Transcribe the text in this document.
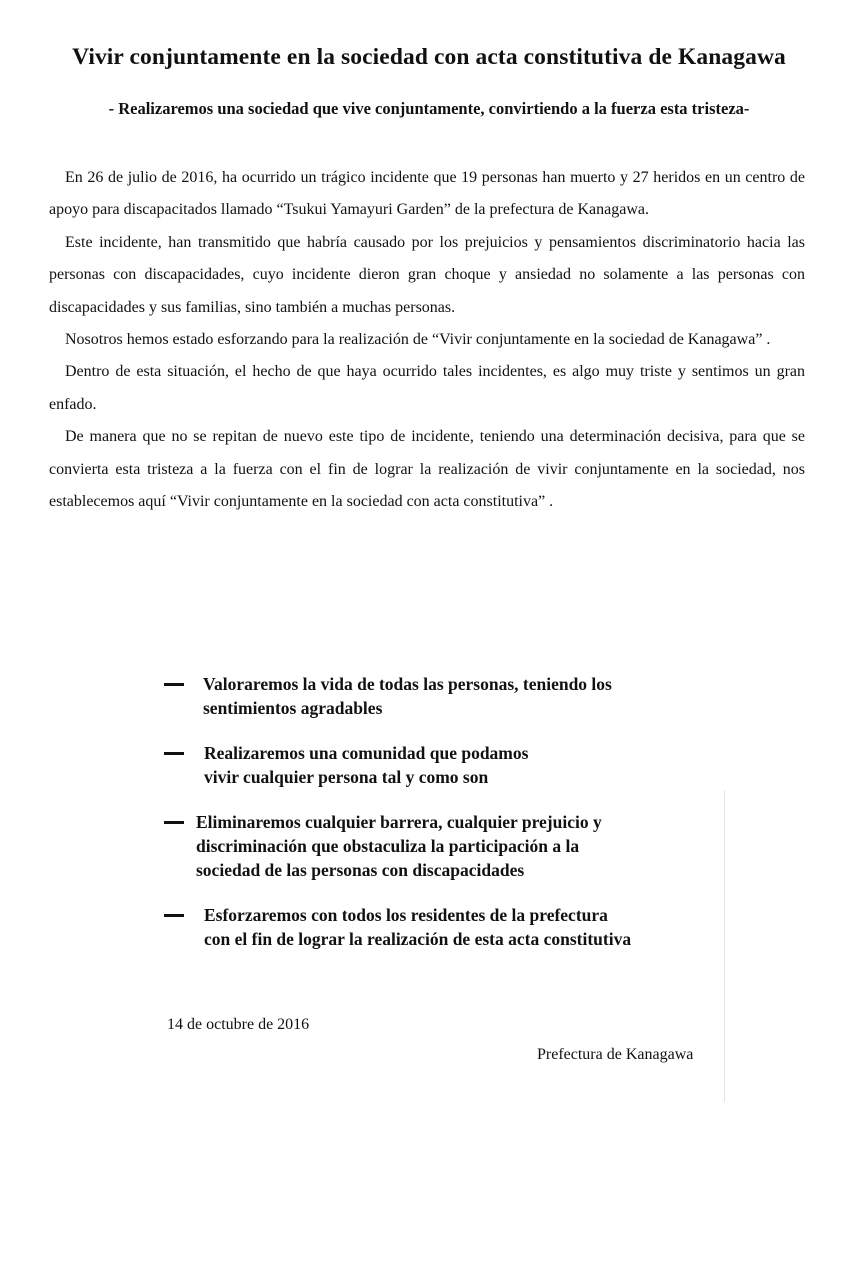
Vivir conjuntamente en la sociedad con acta constitutiva de Kanagawa
- Realizaremos una sociedad que vive conjuntamente, convirtiendo a la fuerza esta tristeza-

En 26 de julio de 2016, ha ocurrido un trágico incidente que 19 personas han muerto y 27 heridos en un centro de apoyo para discapacitados llamado “Tsukui Yamayuri Garden” de la prefectura de Kanagawa.

Este incidente, han transmitido que habría causado por los prejuicios y pensamientos discriminatorio hacia las personas con discapacidades, cuyo incidente dieron gran choque y ansiedad no solamente a las personas con discapacidades y sus familias, sino también a muchas personas.

Nosotros hemos estado esforzando para la realización de “Vivir conjuntamente en la sociedad de Kanagawa” .

Dentro de esta situación, el hecho de que haya ocurrido tales incidentes, es algo muy triste y sentimos un gran enfado.

De manera que no se repitan de nuevo este tipo de incidente, teniendo una determinación decisiva, para que se convierta esta tristeza a la fuerza con el fin de lograr la realización de vivir conjuntamente en la sociedad, nos establecemos aquí “Vivir conjuntamente en la sociedad con acta constitutiva” .

Valoraremos la vida de todas las personas, teniendo los
sentimientos agradables
Realizaremos una comunidad que podamos
vivir cualquier persona tal y como son
Eliminaremos cualquier barrera, cualquier prejuicio y
discriminación que obstaculiza la participación a la
sociedad de las personas con discapacidades
Esforzaremos con todos los residentes de la prefectura
con el fin de lograr la realización de esta acta constitutiva

14 de octubre de 2016

Prefectura de Kanagawa
